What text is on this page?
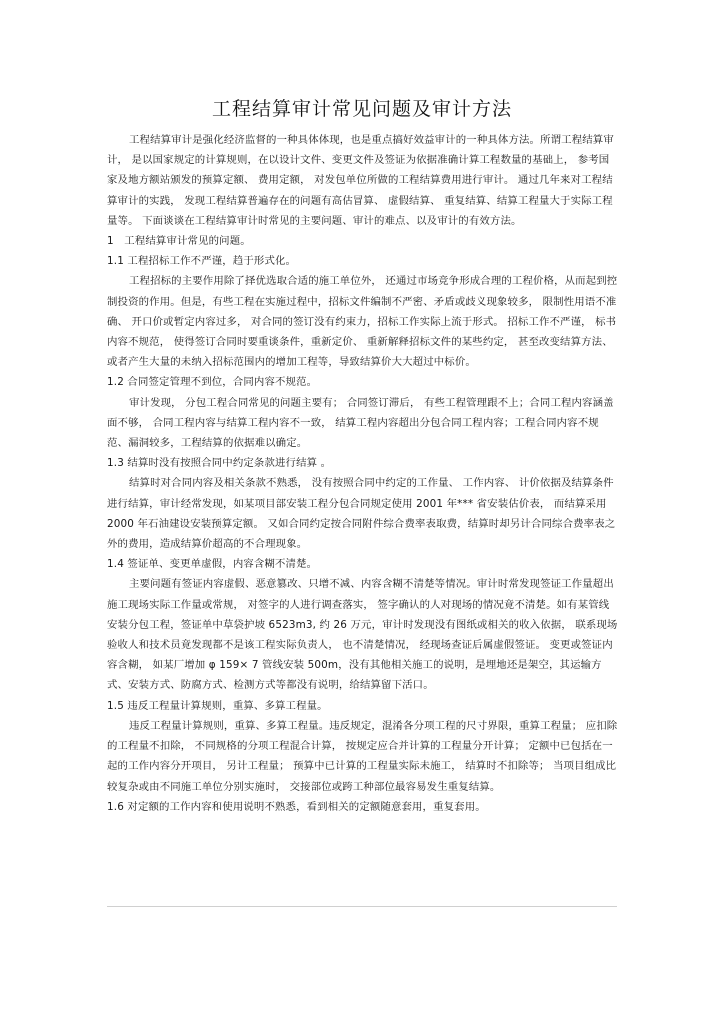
工程结算审计常见问题及审计方法

工程结算审计是强化经济监督的一种具体体现，也是重点搞好效益审计的一种具体方法。所谓工程结算审计， 是以国家规定的计算规则，在以设计文件、变更文件及签证为依据准确计算工程数量的基础上， 参考国家及地方额站颁发的预算定额、 费用定额， 对发包单位所做的工程结算费用进行审计。 通过几年来对工程结算审计的实践， 发现工程结算普遍存在的问题有高估冒算、 虚假结算、 重复结算、结算工程量大于实际工程量等。 下面谈谈在工程结算审计时常见的主要问题、审计的难点、以及审计的有效方法。

1　工程结算审计常见的问题。

1.1 工程招标工作不严谨，趋于形式化。

工程招标的主要作用除了择优选取合适的施工单位外， 还通过市场竞争形成合理的工程价格，从而起到控制投资的作用。但是，有些工程在实施过程中，招标文件编制不严密、矛盾或歧义现象较多， 限制性用语不准确、 开口价或暂定内容过多， 对合同的签订没有约束力，招标工作实际上流于形式。 招标工作不严谨， 标书内容不规范， 使得签订合同时要重谈条件，重新定价、 重新解释招标文件的某些约定， 甚至改变结算方法、 或者产生大量的未纳入招标范围内的增加工程等，导致结算价大大超过中标价。

1.2 合同签定管理不到位，合同内容不规范。

审计发现， 分包工程合同常见的问题主要有； 合同签订滞后， 有些工程管理跟不上；合同工程内容涵盖面不够， 合同工程内容与结算工程内容不一致， 结算工程内容超出分包合同工程内容；工程合同内容不规范、漏洞较多，工程结算的依据难以确定。

1.3 结算时没有按照合同中约定条款进行结算 。

结算时对合同内容及相关条款不熟悉， 没有按照合同中约定的工作量、 工作内容、 计价依据及结算条件进行结算，审计经常发现，如某项目部安装工程分包合同规定使用 2001 年*** 省安装估价表， 而结算采用 2000 年石油建设安装预算定额。 又如合同约定按合同附件综合费率表取费，结算时却另计合同综合费率表之外的费用，造成结算价超高的不合理现象。

1.4 签证单、变更单虚假，内容含糊不清楚。

主要问题有签证内容虚假、恶意篡改、只增不减、内容含糊不清楚等情况。审计时常发现签证工作量超出施工现场实际工作量或常规， 对签字的人进行调查落实， 签字确认的人对现场的情况竟不清楚。如有某管线安装分包工程，签证单中草袋护坡 6523m3, 约 26 万元，审计时发现没有图纸或相关的收入依据， 联系现场验收人和技术员竟发现都不是该工程实际负责人， 也不清楚情况， 经现场查证后属虚假签证。 变更或签证内容含糊， 如某厂增加 φ 159× 7 管线安装 500m，没有其他相关施工的说明，是埋地还是架空，其运输方式、安装方式、防腐方式、检测方式等都没有说明，给结算留下活口。

1.5 违反工程量计算规则，重算、多算工程量。

违反工程量计算规则，重算、多算工程量。违反规定，混淆各分项工程的尺寸界限，重算工程量； 应扣除的工程量不扣除， 不同规格的分项工程混合计算， 按规定应合并计算的工程量分开计算； 定额中已包括在一起的工作内容分开项目， 另计工程量； 预算中已计算的工程量实际未施工， 结算时不扣除等； 当项目组成比较复杂或由不同施工单位分别实施时， 交接部位或跨工种部位最容易发生重复结算。

1.6 对定额的工作内容和使用说明不熟悉，看到相关的定额随意套用，重复套用。
